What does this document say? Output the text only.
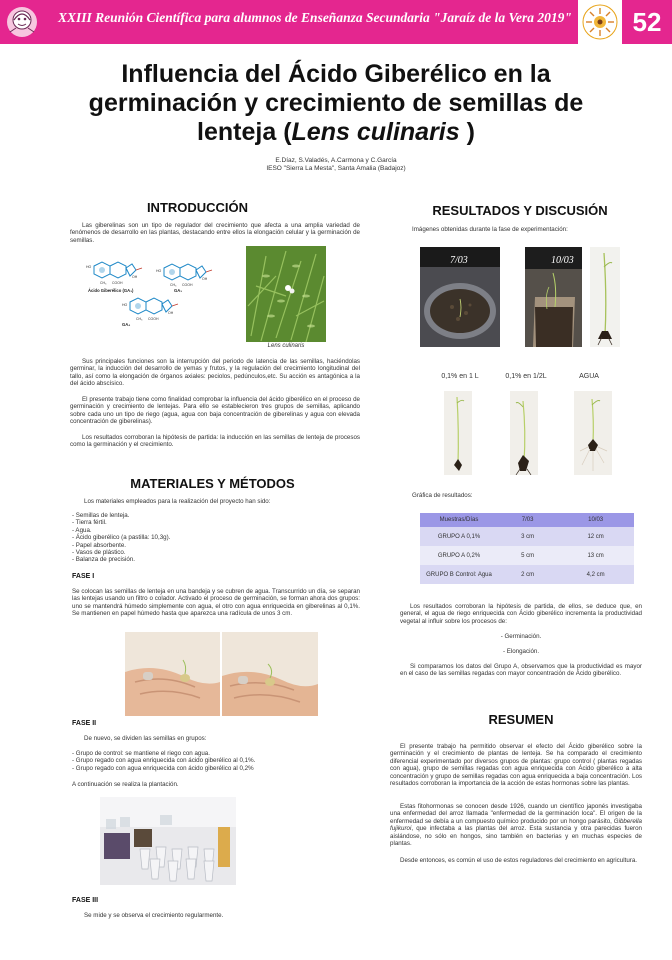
XXIII Reunión Científica para alumnos de Enseñanza Secundaria "Jaraíz de la Vera 2019"	52
Influencia del Ácido Giberélico en la
germinación y crecimiento de semillas de
lenteja (Lens culinaris )
E.Díaz, S.Valadés, A.Carmona y C.García
IESO "Sierra La Mesta", Santa Amalia (Badajoz)
INTRODUCCIÓN
Las giberelinas son un tipo de regulador del crecimiento que afecta a una amplia variedad de fenómenos de desarrollo en las plantas, destacando entre ellos la elongación celular y la germinación de semillas.
HO
CH₃ COOH
OH
HO
CH₃ COOH
OH
HO
CH₃ COOH
OH
Ácido Giberélico (GA₃)	GA₁
GA₄
Lens culinaris
Sus principales funciones son la interrupción del periodo de latencia de las semillas, haciéndolas germinar, la inducción del desarrollo de yemas y frutos, y la regulación del crecimiento longitudinal del tallo, así como la elongación de órganos axiales: peciolos, pedúnculos,etc. Su acción es antagónica a la del ácido abscísico.
El presente trabajo tiene como finalidad comprobar la influencia del ácido giberélico en el proceso de germinación y crecimiento de lentejas. Para ello se establecieron tres grupos de semillas, aplicando sobre cada uno un tipo de riego (agua, agua con baja concentración de giberelinas y agua con elevada concentración de giberelinas).
Los resultados corroboran la hipótesis de partida: la inducción en las semillas de lenteja de procesos como la germinación y el crecimiento.
MATERIALES Y MÉTODOS
Los materiales empleados para la realización del proyecto han sido:
- Semillas de lenteja.
- Tierra fértil.
- Agua.
- Ácido giberélico (a pastilla: 10,3g).
- Papel absorbente.
- Vasos de plástico.
- Balanza de precisión.
FASE I
Se colocan las semillas de lenteja en una bandeja y se cubren de agua. Transcurrido un día, se separan las lentejas usando un filtro o colador. Activado el proceso de germinación, se forman ahora dos grupos: uno se mantendrá húmedo simplemente con agua, el otro con agua enriquecida en giberelinas al 0,1%. Se mantienen en papel húmedo hasta que aparezca una radícula de unos 3 cm.
FASE II
De nuevo, se dividen las semillas en grupos:
- Grupo de control: se mantiene el riego con agua.
- Grupo regado con agua enriquecida con ácido giberélico al 0,1%.
- Grupo regado con agua enriquecida con ácido giberélico al 0,2%
A continuación se realiza la plantación.
FASE III
Se mide y se observa el crecimiento regularmente.
RESULTADOS Y DISCUSIÓN
Imágenes obtenidas durante la fase de experimentación:
7/03	10/03
0,1% en 1 L	0,1% en 1/2L	AGUA
Gráfica de resultados:
Muestras/Días	7/03	10/03
GRUPO A 0,1%	3 cm	12 cm
GRUPO A 0,2%	5 cm	13 cm
GRUPO B Control: Agua	2 cm	4,2 cm
Los resultados corroboran la hipótesis de partida, de ellos, se deduce que, en general, el agua de riego enriquecida con Ácido giberélico incrementa la productividad vegetal al influir sobre los procesos de:
- Germinación.
- Elongación.
Si comparamos los datos del Grupo A, observamos que la productividad es mayor en el caso de las semillas regadas con mayor concentración de Ácido giberélico.
RESUMEN
El presente trabajo ha permitido observar el efecto del Ácido giberélico sobre la germinación y el crecimiento de plantas de lenteja. Se ha comparado el crecimiento diferencial experimentado por diversos grupos de plantas: grupo control ( plantas regadas con agua), grupo de semillas regadas con agua enriquecida con Ácido giberélico a alta concentración y grupo de semillas regadas con agua enriquecida a baja concentración. Los resultados corroboran la importancia de la acción de estas hormonas sobre las plantas.
Estas fitohormonas se conocen desde 1926, cuando un científico japonés investigaba una enfermedad del arroz llamada "enfermedad de la germinación loca". El origen de la enfermedad se debía a un compuesto químico producido por un hongo parásito, Gibberella fujikuroi, que infectaba a las plantas del arroz. Esta sustancia y otra parecidas fueron aislándose, no sólo en hongos, sino también en bacterias y en muchas especies de plantas.
Desde entonces, es común el uso de estos reguladores del crecimiento en agricultura.
